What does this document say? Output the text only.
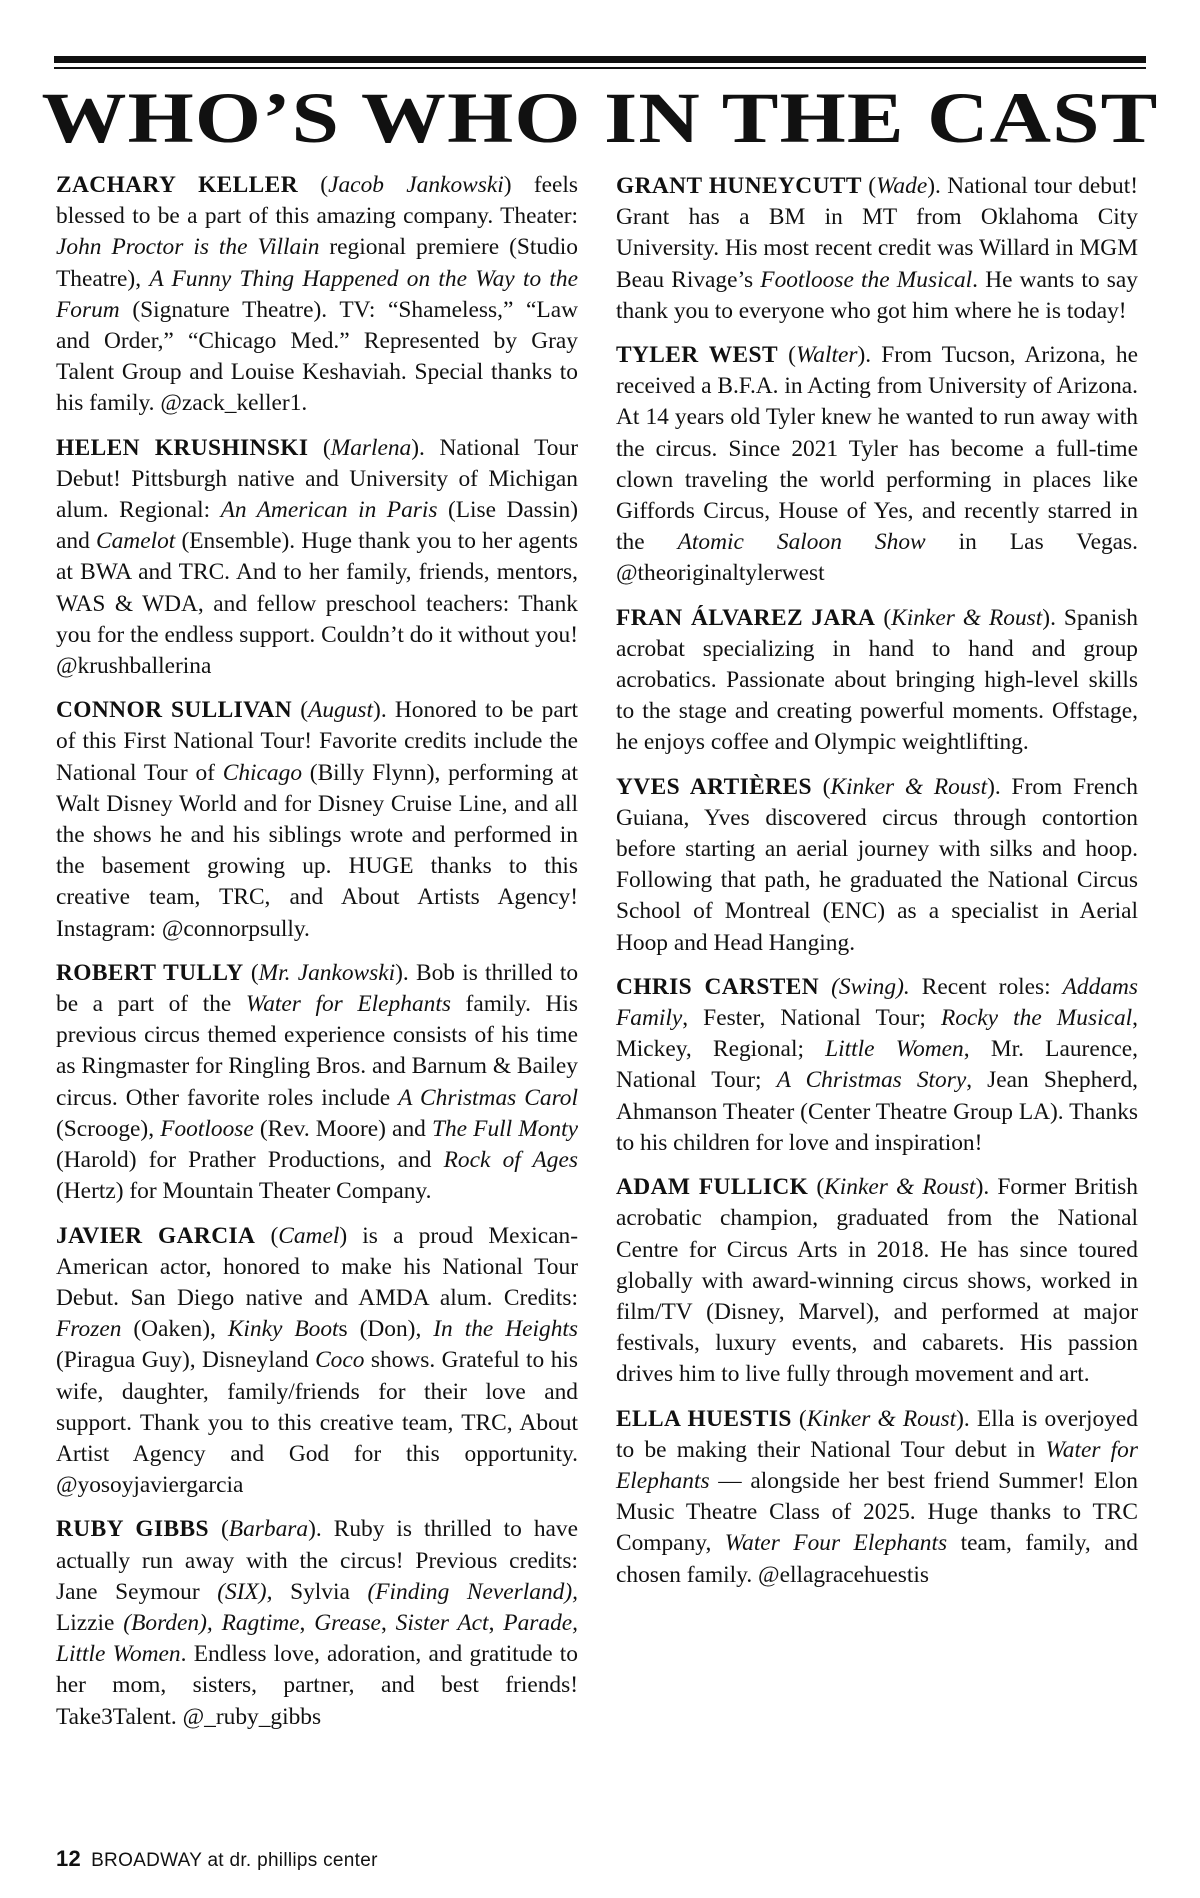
WHO’S WHO IN THE CAST

ZACHARY KELLER (Jacob Jankowski) feels blessed to be a part of this amazing company. Theater: John Proctor is the Villain regional premiere (Studio Theatre), A Funny Thing Happened on the Way to the Forum (Signature Theatre). TV: “Shameless,” “Law and Order,” “Chicago Med.” Represented by Gray Talent Group and Louise Keshaviah. Special thanks to his family. @zack_keller1.

HELEN KRUSHINSKI (Marlena). National Tour Debut! Pittsburgh native and University of Michigan alum. Regional: An American in Paris (Lise Dassin) and Camelot (Ensemble). Huge thank you to her agents at BWA and TRC. And to her family, friends, mentors, WAS & WDA, and fellow preschool teachers: Thank you for the endless support. Couldn’t do it without you! @krushballerina

CONNOR SULLIVAN (August). Honored to be part of this First National Tour! Favorite credits include the National Tour of Chicago (Billy Flynn), performing at Walt Disney World and for Disney Cruise Line, and all the shows he and his siblings wrote and performed in the basement growing up. HUGE thanks to this creative team, TRC, and About Artists Agency! Instagram: @connorpsully.

ROBERT TULLY (Mr. Jankowski). Bob is thrilled to be a part of the Water for Elephants family. His previous circus themed experience consists of his time as Ringmaster for Ringling Bros. and Barnum & Bailey circus. Other favorite roles include A Christmas Carol (Scrooge), Footloose (Rev. Moore) and The Full Monty (Harold) for Prather Productions, and Rock of Ages (Hertz) for Mountain Theater Company.

JAVIER GARCIA (Camel) is a proud Mexican-American actor, honored to make his National Tour Debut. San Diego native and AMDA alum. Credits: Frozen (Oaken), Kinky Boots (Don), In the Heights (Piragua Guy), Disneyland Coco shows. Grateful to his wife, daughter, family/friends for their love and support. Thank you to this creative team, TRC, About Artist Agency and God for this opportunity. @yosoyjaviergarcia

RUBY GIBBS (Barbara). Ruby is thrilled to have actually run away with the circus! Previous credits: Jane Seymour (SIX), Sylvia (Finding Neverland), Lizzie (Borden), Ragtime, Grease, Sister Act, Parade, Little Women. Endless love, adoration, and gratitude to her mom, sisters, partner, and best friends! Take3Talent. @_ruby_gibbs

GRANT HUNEYCUTT (Wade). National tour debut! Grant has a BM in MT from Oklahoma City University. His most recent credit was Willard in MGM Beau Rivage’s Footloose the Musical. He wants to say thank you to everyone who got him where he is today!

TYLER WEST (Walter). From Tucson, Arizona, he received a B.F.A. in Acting from University of Arizona. At 14 years old Tyler knew he wanted to run away with the circus. Since 2021 Tyler has become a full-time clown traveling the world performing in places like Giffords Circus, House of Yes, and recently starred in the Atomic Saloon Show in Las Vegas. @theoriginaltylerwest

FRAN ÁLVAREZ JARA (Kinker & Roust). Spanish acrobat specializing in hand to hand and group acrobatics. Passionate about bringing high-level skills to the stage and creating powerful moments. Offstage, he enjoys coffee and Olympic weightlifting.

YVES ARTIÈRES (Kinker & Roust). From French Guiana, Yves discovered circus through contortion before starting an aerial journey with silks and hoop. Following that path, he graduated the National Circus School of Montreal (ENC) as a specialist in Aerial Hoop and Head Hanging.

CHRIS CARSTEN (Swing). Recent roles: Addams Family, Fester, National Tour; Rocky the Musical, Mickey, Regional; Little Women, Mr. Laurence, National Tour; A Christmas Story, Jean Shepherd, Ahmanson Theater (Center Theatre Group LA). Thanks to his children for love and inspiration!

ADAM FULLICK (Kinker & Roust). Former British acrobatic champion, graduated from the National Centre for Circus Arts in 2018. He has since toured globally with award-winning circus shows, worked in film/TV (Disney, Marvel), and performed at major festivals, luxury events, and cabarets. His passion drives him to live fully through movement and art.

ELLA HUESTIS (Kinker & Roust). Ella is overjoyed to be making their National Tour debut in Water for Elephants — alongside her best friend Summer! Elon Music Theatre Class of 2025. Huge thanks to TRC Company, Water Four Elephants team, family, and chosen family. @ellagracehuestis

12 BROADWAY at dr. phillips center
